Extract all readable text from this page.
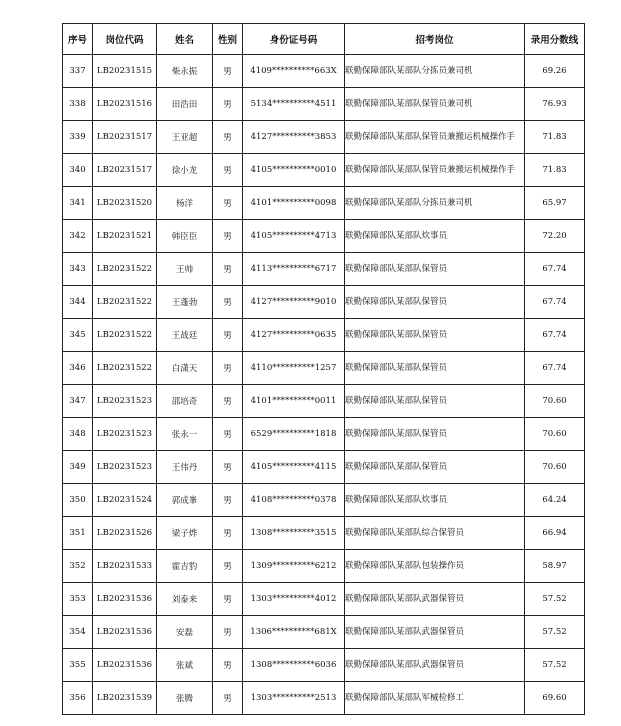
序号	岗位代码	姓名	性别	身份证号码	招考岗位	录用分数线
337	LB20231515	柴永振	男	4109**********663X	联勤保障部队某部队分拣员兼司机	69.26
338	LB20231516	田浩田	男	5134**********4511	联勤保障部队某部队保管员兼司机	76.93
339	LB20231517	王亚超	男	4127**********3853	联勤保障部队某部队保管员兼搬运机械操作手	71.83
340	LB20231517	徐小龙	男	4105**********0010	联勤保障部队某部队保管员兼搬运机械操作手	71.83
341	LB20231520	杨洋	男	4101**********0098	联勤保障部队某部队分拣员兼司机	65.97
342	LB20231521	韩臣臣	男	4105**********4713	联勤保障部队某部队炊事员	72.20
343	LB20231522	王帅	男	4113**********6717	联勤保障部队某部队保管员	67.74
344	LB20231522	王蓬勃	男	4127**********9010	联勤保障部队某部队保管员	67.74
345	LB20231522	王战廷	男	4127**********0635	联勤保障部队某部队保管员	67.74
346	LB20231522	白潇天	男	4110**********1257	联勤保障部队某部队保管员	67.74
347	LB20231523	邵培奇	男	4101**********0011	联勤保障部队某部队保管员	70.60
348	LB20231523	张永一	男	6529**********1818	联勤保障部队某部队保管员	70.60
349	LB20231523	王伟丹	男	4105**********4115	联勤保障部队某部队保管员	70.60
350	LB20231524	郭成峯	男	4108**********0378	联勤保障部队某部队炊事员	64.24
351	LB20231526	梁子烨	男	1308**********3515	联勤保障部队某部队综合保管员	66.94
352	LB20231533	霍吉豹	男	1309**********6212	联勤保障部队某部队包装操作员	58.97
353	LB20231536	刘泰来	男	1303**********4012	联勤保障部队某部队武器保管员	57.52
354	LB20231536	安磊	男	1306**********681X	联勤保障部队某部队武器保管员	57.52
355	LB20231536	张斌	男	1308**********6036	联勤保障部队某部队武器保管员	57.52
356	LB20231539	张腾	男	1303**********2513	联勤保障部队某部队军械检修工	69.60
